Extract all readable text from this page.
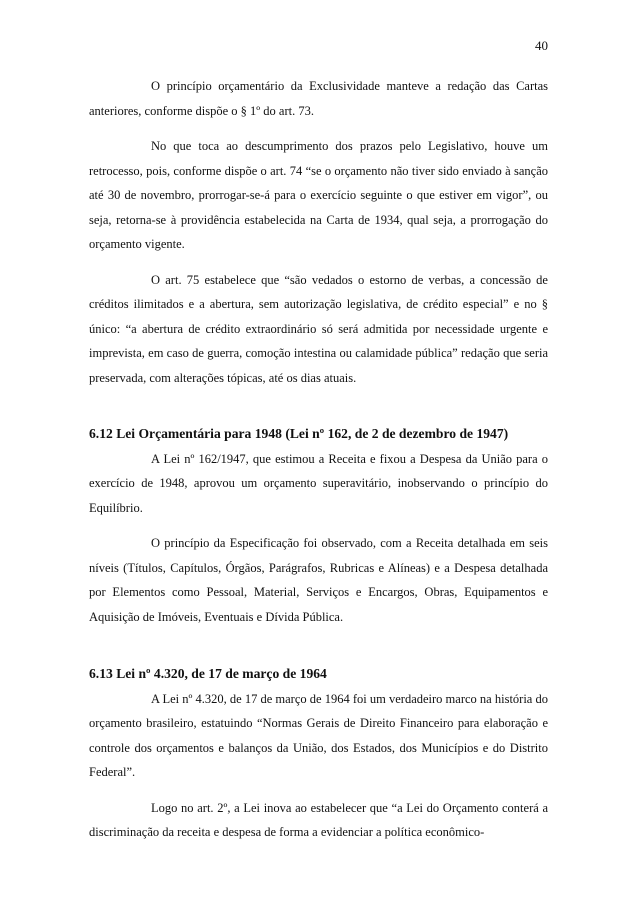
40

O princípio orçamentário da Exclusividade manteve a redação das Cartas anteriores, conforme dispõe o § 1º do art. 73.

No que toca ao descumprimento dos prazos pelo Legislativo, houve um retrocesso, pois, conforme dispõe o art. 74 “se o orçamento não tiver sido enviado à sanção até 30 de novembro, prorrogar-se-á para o exercício seguinte o que estiver em vigor”, ou seja, retorna-se à providência estabelecida na Carta de 1934, qual seja, a prorrogação do orçamento vigente.

O art. 75 estabelece que “são vedados o estorno de verbas, a concessão de créditos ilimitados e a abertura, sem autorização legislativa, de crédito especial” e no § único: “a abertura de crédito extraordinário só será admitida por necessidade urgente e imprevista, em caso de guerra, comoção intestina ou calamidade pública” redação que seria preservada, com alterações tópicas, até os dias atuais.

6.12 Lei Orçamentária para 1948 (Lei nº 162, de 2 de dezembro de 1947)

A Lei nº 162/1947, que estimou a Receita e fixou a Despesa da União para o exercício de 1948, aprovou um orçamento superavitário, inobservando o princípio do Equilíbrio.

O princípio da Especificação foi observado, com a Receita detalhada em seis níveis (Títulos, Capítulos, Órgãos, Parágrafos, Rubricas e Alíneas) e a Despesa detalhada por Elementos como Pessoal, Material, Serviços e Encargos, Obras, Equipamentos e Aquisição de Imóveis, Eventuais e Dívida Pública.

6.13 Lei nº 4.320, de 17 de março de 1964

A Lei nº 4.320, de 17 de março de 1964 foi um verdadeiro marco na história do orçamento brasileiro, estatuindo “Normas Gerais de Direito Financeiro para elaboração e controle dos orçamentos e balanços da União, dos Estados, dos Municípios e do Distrito Federal”.

Logo no art. 2º, a Lei inova ao estabelecer que “a Lei do Orçamento conterá a discriminação da receita e despesa de forma a evidenciar a política econômico-
